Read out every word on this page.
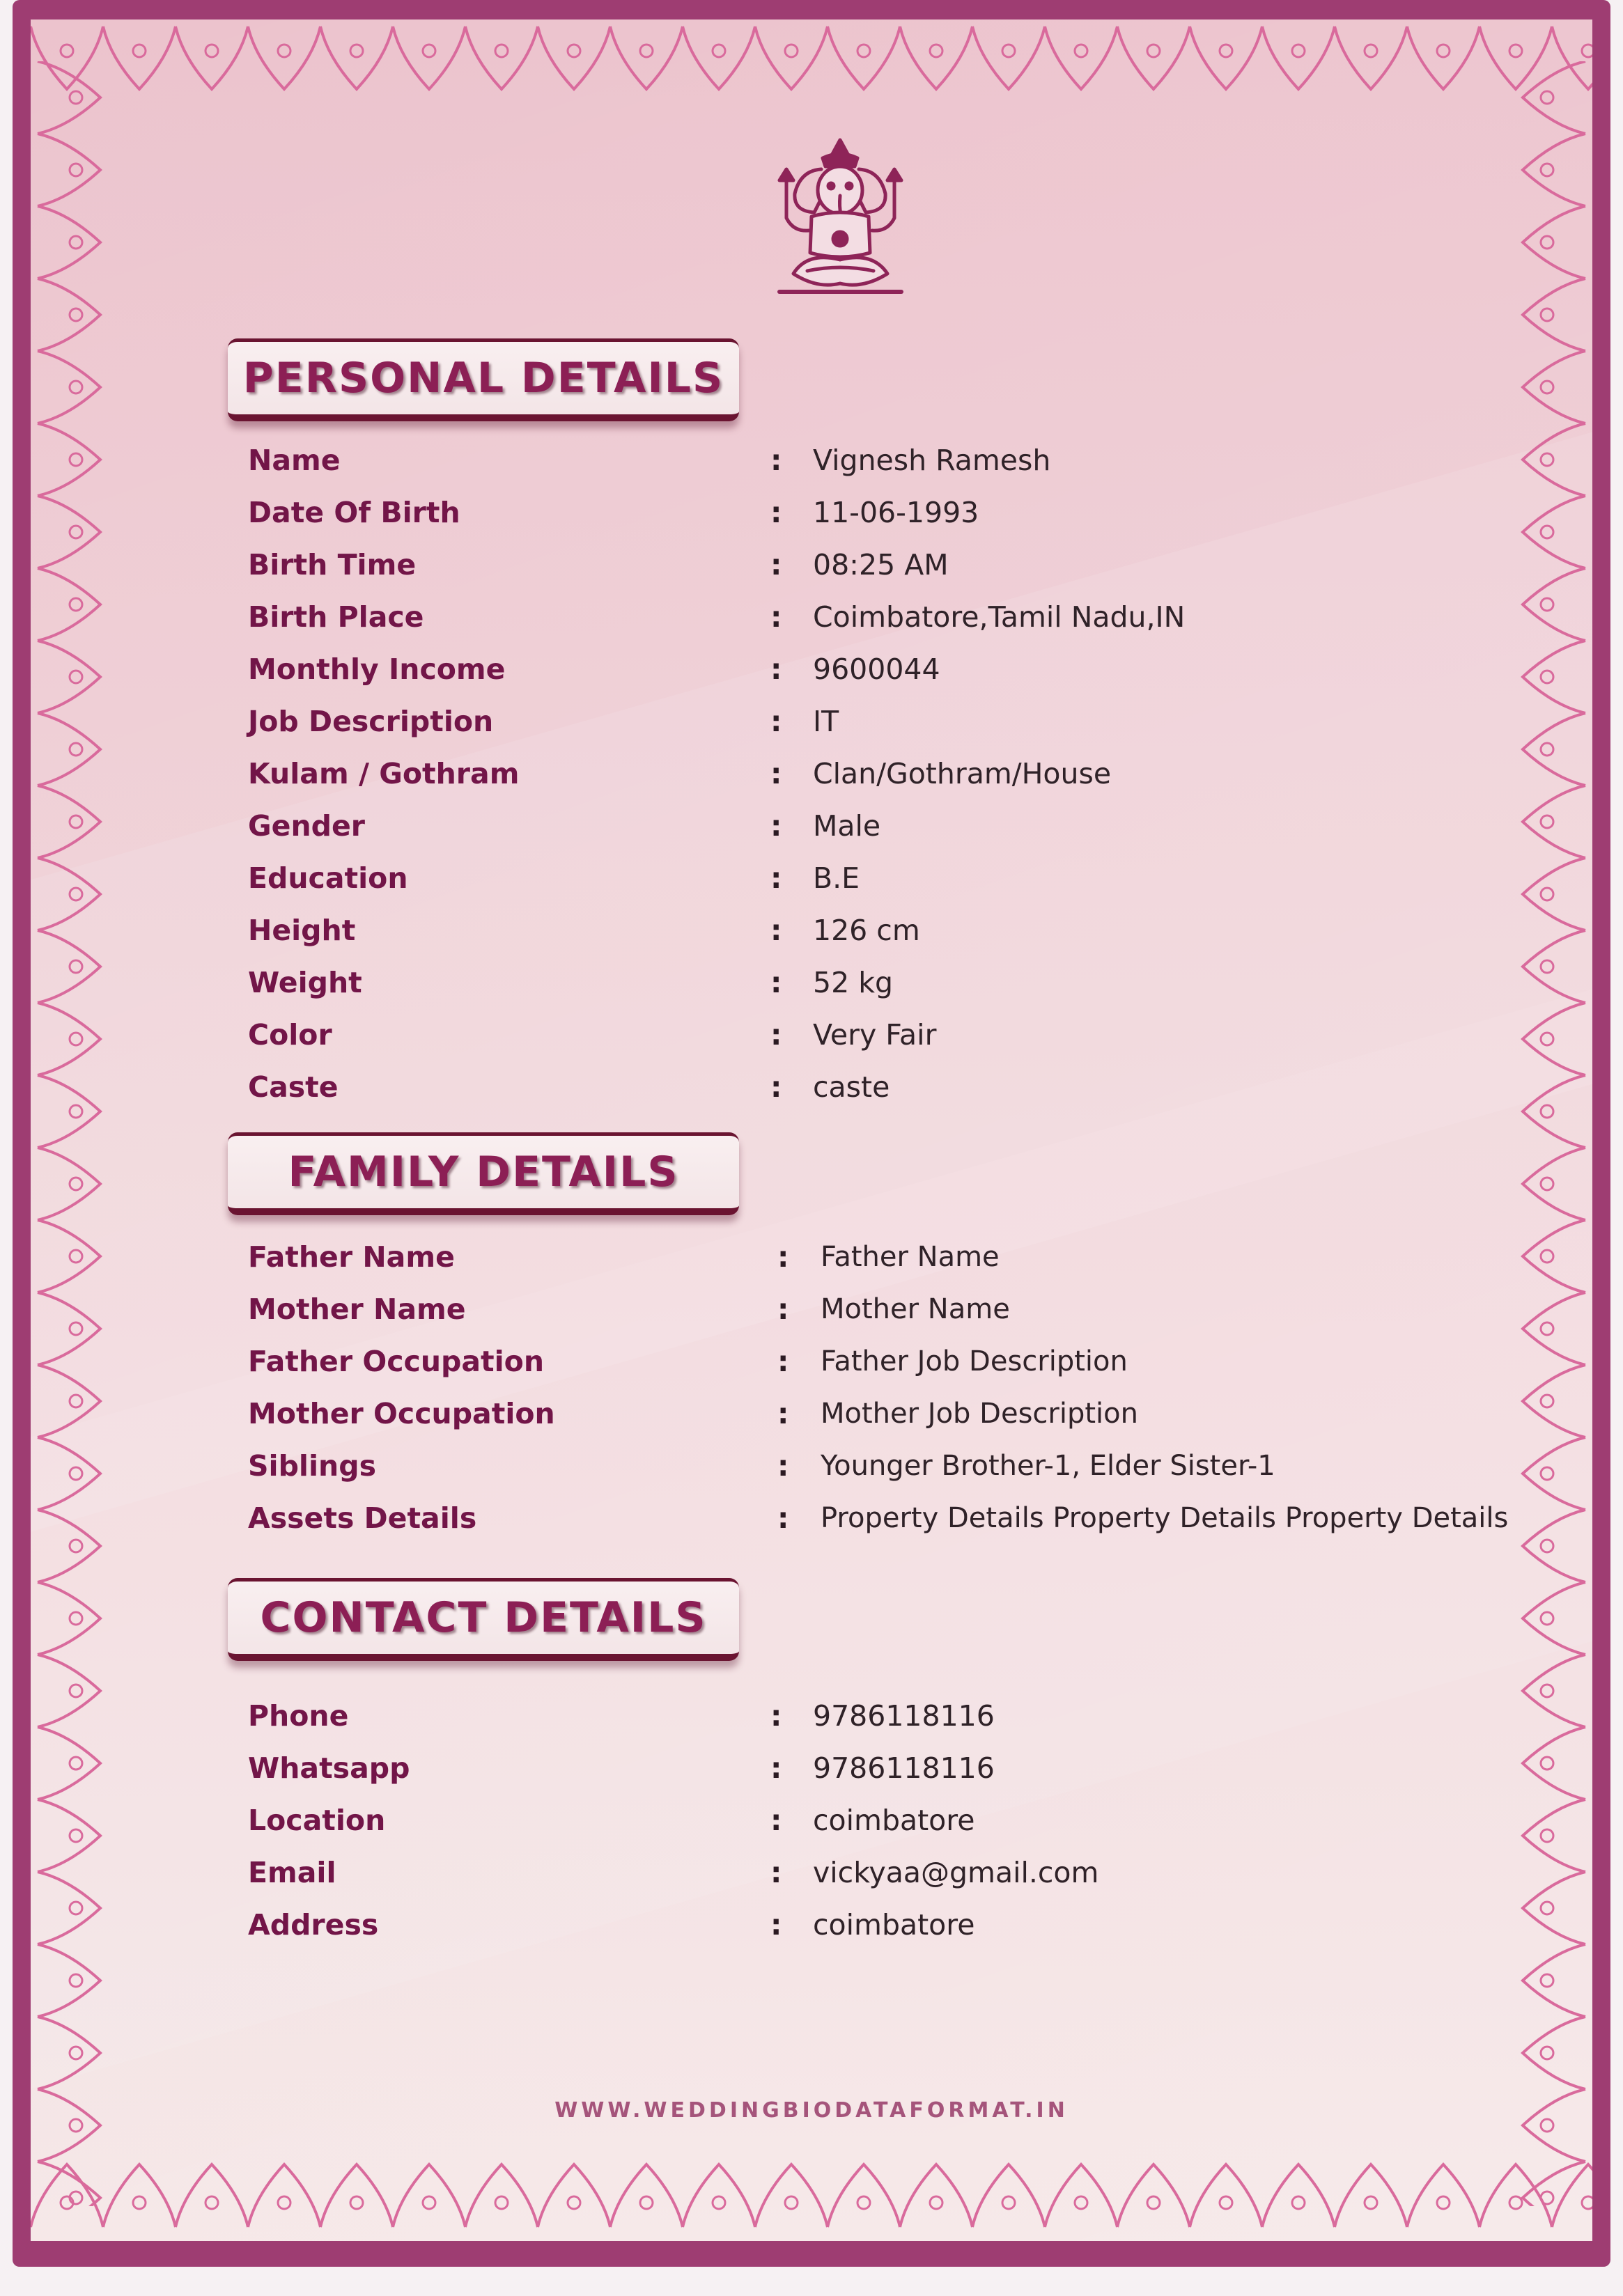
PERSONAL DETAILS
Name	: Vignesh Ramesh
Date Of Birth	: 11-06-1993
Birth Time	: 08:25 AM
Birth Place	: Coimbatore,Tamil Nadu,IN
Monthly Income	: 9600044
Job Description	: IT
Kulam / Gothram	: Clan/Gothram/House
Gender	: Male
Education	: B.E
Height	: 126 cm
Weight	: 52 kg
Color	: Very Fair
Caste	: caste
FAMILY DETAILS
Father Name	: Father Name
Mother Name	: Mother Name
Father Occupation	: Father Job Description
Mother Occupation	: Mother Job Description
Siblings	: Younger Brother-1, Elder Sister-1
Assets Details	: Property Details Property Details Property Details
CONTACT DETAILS
Phone	: 9786118116
Whatsapp	: 9786118116
Location	: coimbatore
Email	: vickyaa@gmail.com
Address	: coimbatore
WWW.WEDDINGBIODATAFORMAT.IN
